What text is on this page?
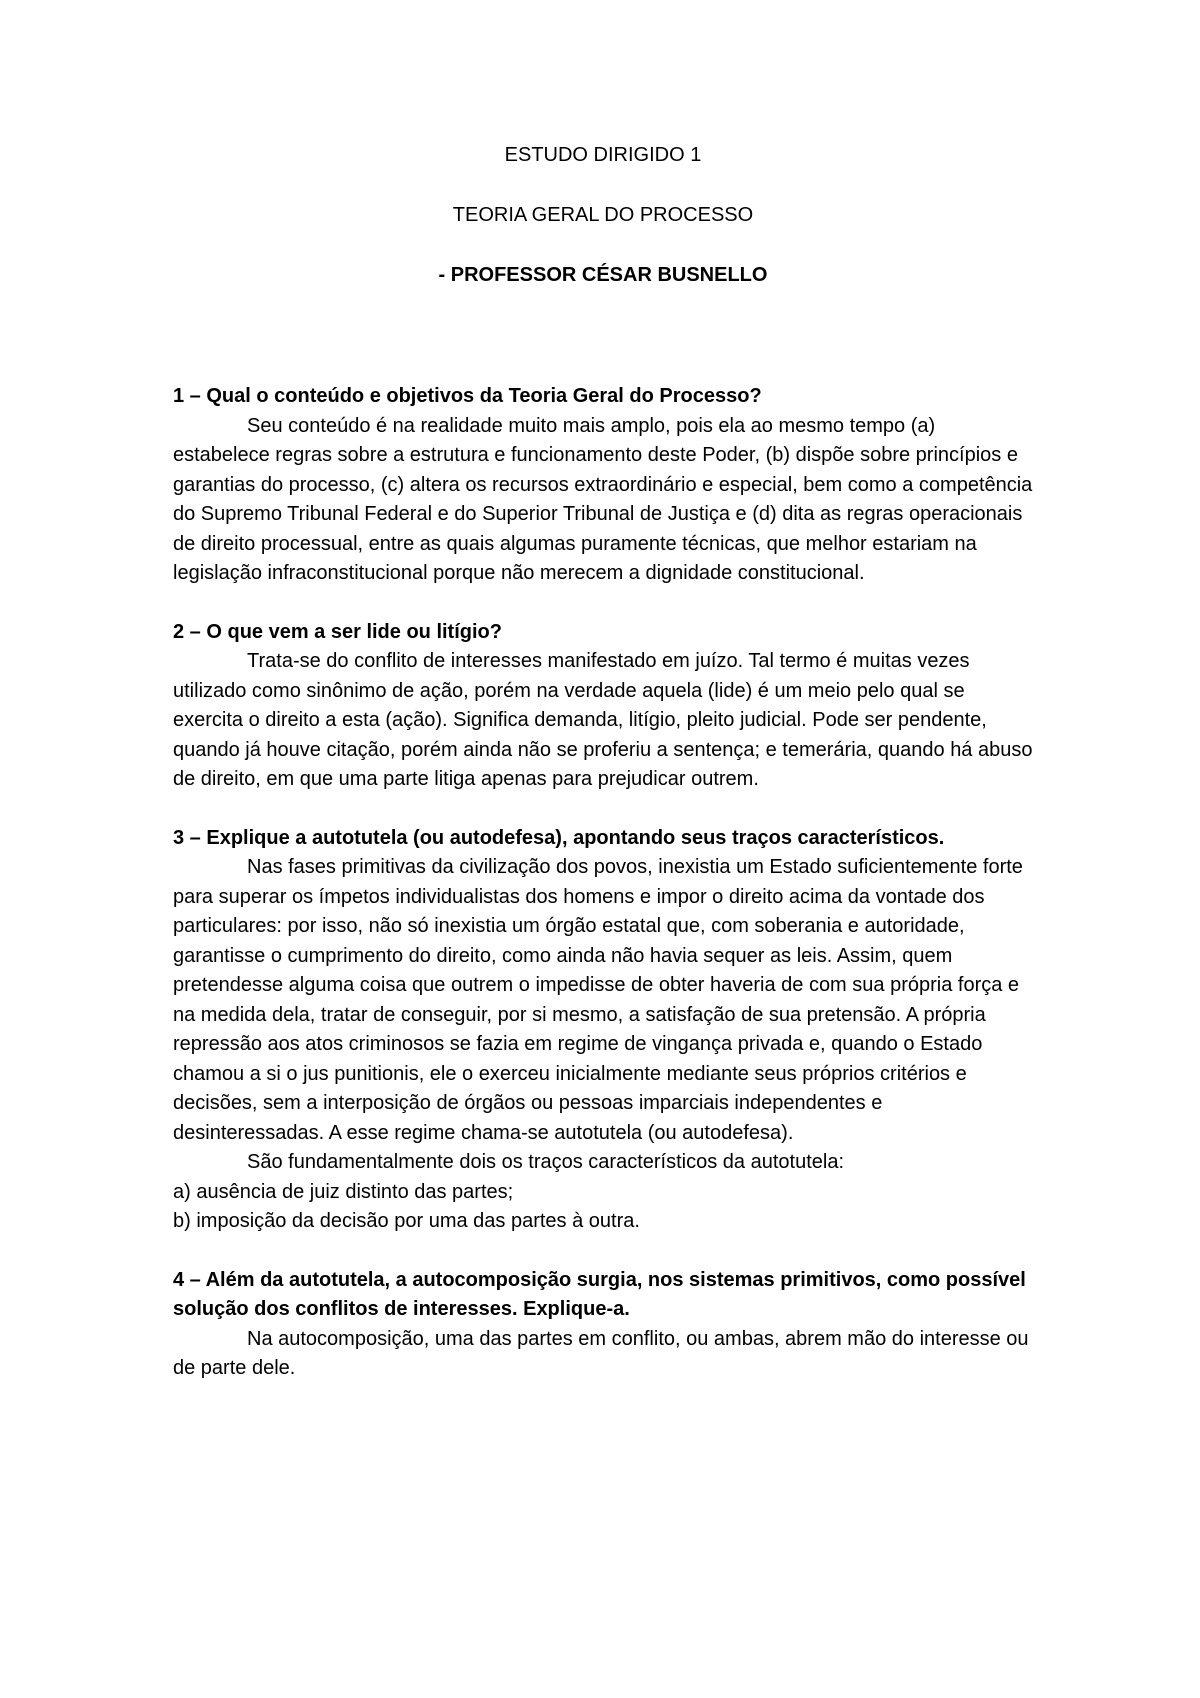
ESTUDO DIRIGIDO 1
TEORIA GERAL DO PROCESSO
- PROFESSOR CÉSAR BUSNELLO
1 – Qual o conteúdo e objetivos da Teoria Geral do Processo?
Seu conteúdo é na realidade muito mais amplo, pois ela ao mesmo tempo (a) estabelece regras sobre a estrutura e funcionamento deste Poder, (b) dispõe sobre princípios e garantias do processo, (c) altera os recursos extraordinário e especial, bem como a competência do Supremo Tribunal Federal e do Superior Tribunal de Justiça e (d) dita as regras operacionais de direito processual, entre as quais algumas puramente técnicas, que melhor estariam na legislação infraconstitucional porque não merecem a dignidade constitucional.
2 – O que vem a ser lide ou litígio?
Trata-se do conflito de interesses manifestado em juízo. Tal termo é muitas vezes utilizado como sinônimo de ação, porém na verdade aquela (lide) é um meio pelo qual se exercita o direito a esta (ação). Significa demanda, litígio, pleito judicial. Pode ser pendente, quando já houve citação, porém ainda não se proferiu a sentença; e temerária, quando há abuso de direito, em que uma parte litiga apenas para prejudicar outrem.
3 – Explique a autotutela (ou autodefesa), apontando seus traços característicos.
Nas fases primitivas da civilização dos povos, inexistia um Estado suficientemente forte para superar os ímpetos individualistas dos homens e impor o direito acima da vontade dos particulares: por isso, não só inexistia um órgão estatal que, com soberania e autoridade, garantisse o cumprimento do direito, como ainda não havia sequer as leis. Assim, quem pretendesse alguma coisa que outrem o impedisse de obter haveria de com sua própria força e na medida dela, tratar de conseguir, por si mesmo, a satisfação de sua pretensão. A própria repressão aos atos criminosos se fazia em regime de vingança privada e, quando o Estado chamou a si o jus punitionis, ele o exerceu inicialmente mediante seus próprios critérios e decisões, sem a interposição de órgãos ou pessoas imparciais independentes e desinteressadas. A esse regime chama-se autotutela (ou autodefesa).
São fundamentalmente dois os traços característicos da autotutela:
a) ausência de juiz distinto das partes;
b) imposição da decisão por uma das partes à outra.
4 – Além da autotutela, a autocomposição surgia, nos sistemas primitivos, como possível solução dos conflitos de interesses. Explique-a.
Na autocomposição, uma das partes em conflito, ou ambas, abrem mão do interesse ou de parte dele.
